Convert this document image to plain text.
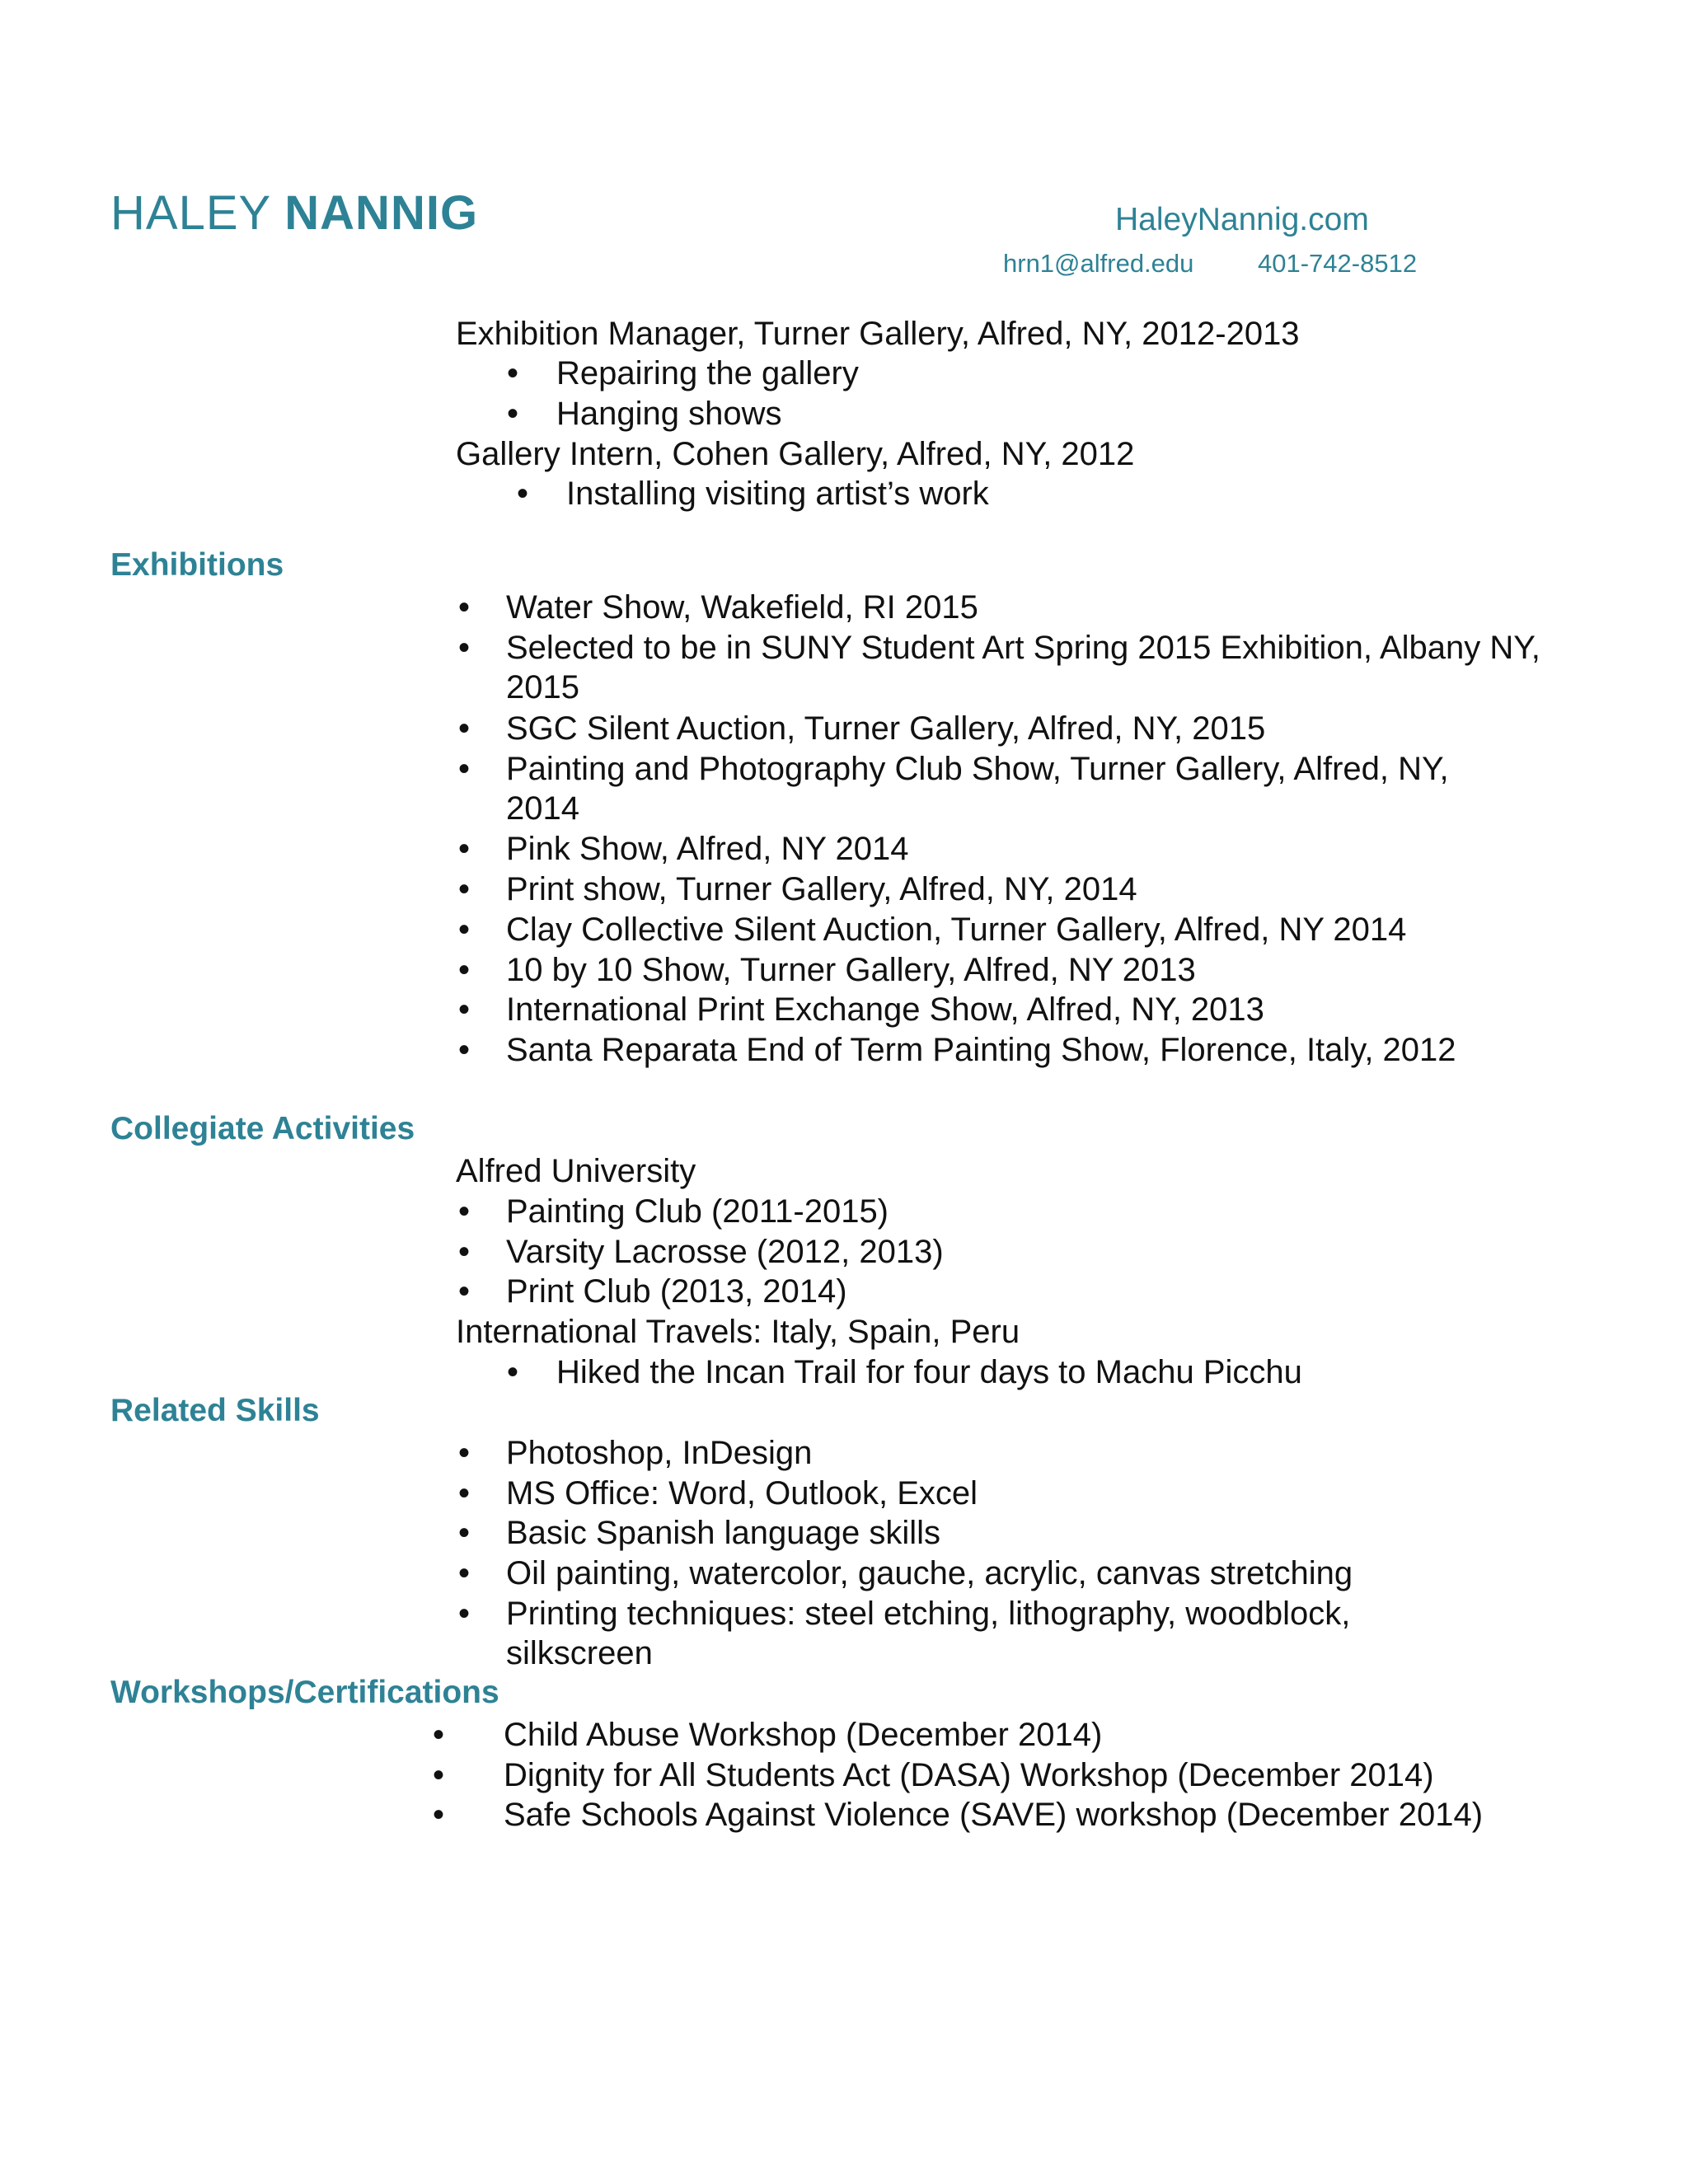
HALEY NANNIG	HaleyNannig.com
hrn1@alfred.edu	401-742-8512
Exhibition Manager, Turner Gallery, Alfred, NY, 2012-2013
• Repairing the gallery
• Hanging shows
Gallery Intern, Cohen Gallery, Alfred, NY, 2012
• Installing visiting artist’s work
Exhibitions
• Water Show, Wakefield, RI 2015
• Selected to be in SUNY Student Art Spring 2015 Exhibition, Albany NY, 2015
• SGC Silent Auction, Turner Gallery, Alfred, NY, 2015
• Painting and Photography Club Show, Turner Gallery, Alfred, NY, 2014
• Pink Show, Alfred, NY 2014
• Print show, Turner Gallery, Alfred, NY, 2014
• Clay Collective Silent Auction, Turner Gallery, Alfred, NY 2014
• 10 by 10 Show, Turner Gallery, Alfred, NY 2013
• International Print Exchange Show, Alfred, NY, 2013
• Santa Reparata End of Term Painting Show, Florence, Italy, 2012
Collegiate Activities
Alfred University
• Painting Club (2011-2015)
• Varsity Lacrosse (2012, 2013)
• Print Club (2013, 2014)
International Travels: Italy, Spain, Peru
• Hiked the Incan Trail for four days to Machu Picchu
Related Skills
• Photoshop, InDesign
• MS Office: Word, Outlook, Excel
• Basic Spanish language skills
• Oil painting, watercolor, gauche, acrylic, canvas stretching
• Printing techniques: steel etching, lithography, woodblock, silkscreen
Workshops/Certifications
• Child Abuse Workshop (December 2014)
• Dignity for All Students Act (DASA) Workshop (December 2014)
• Safe Schools Against Violence (SAVE) workshop (December 2014)
